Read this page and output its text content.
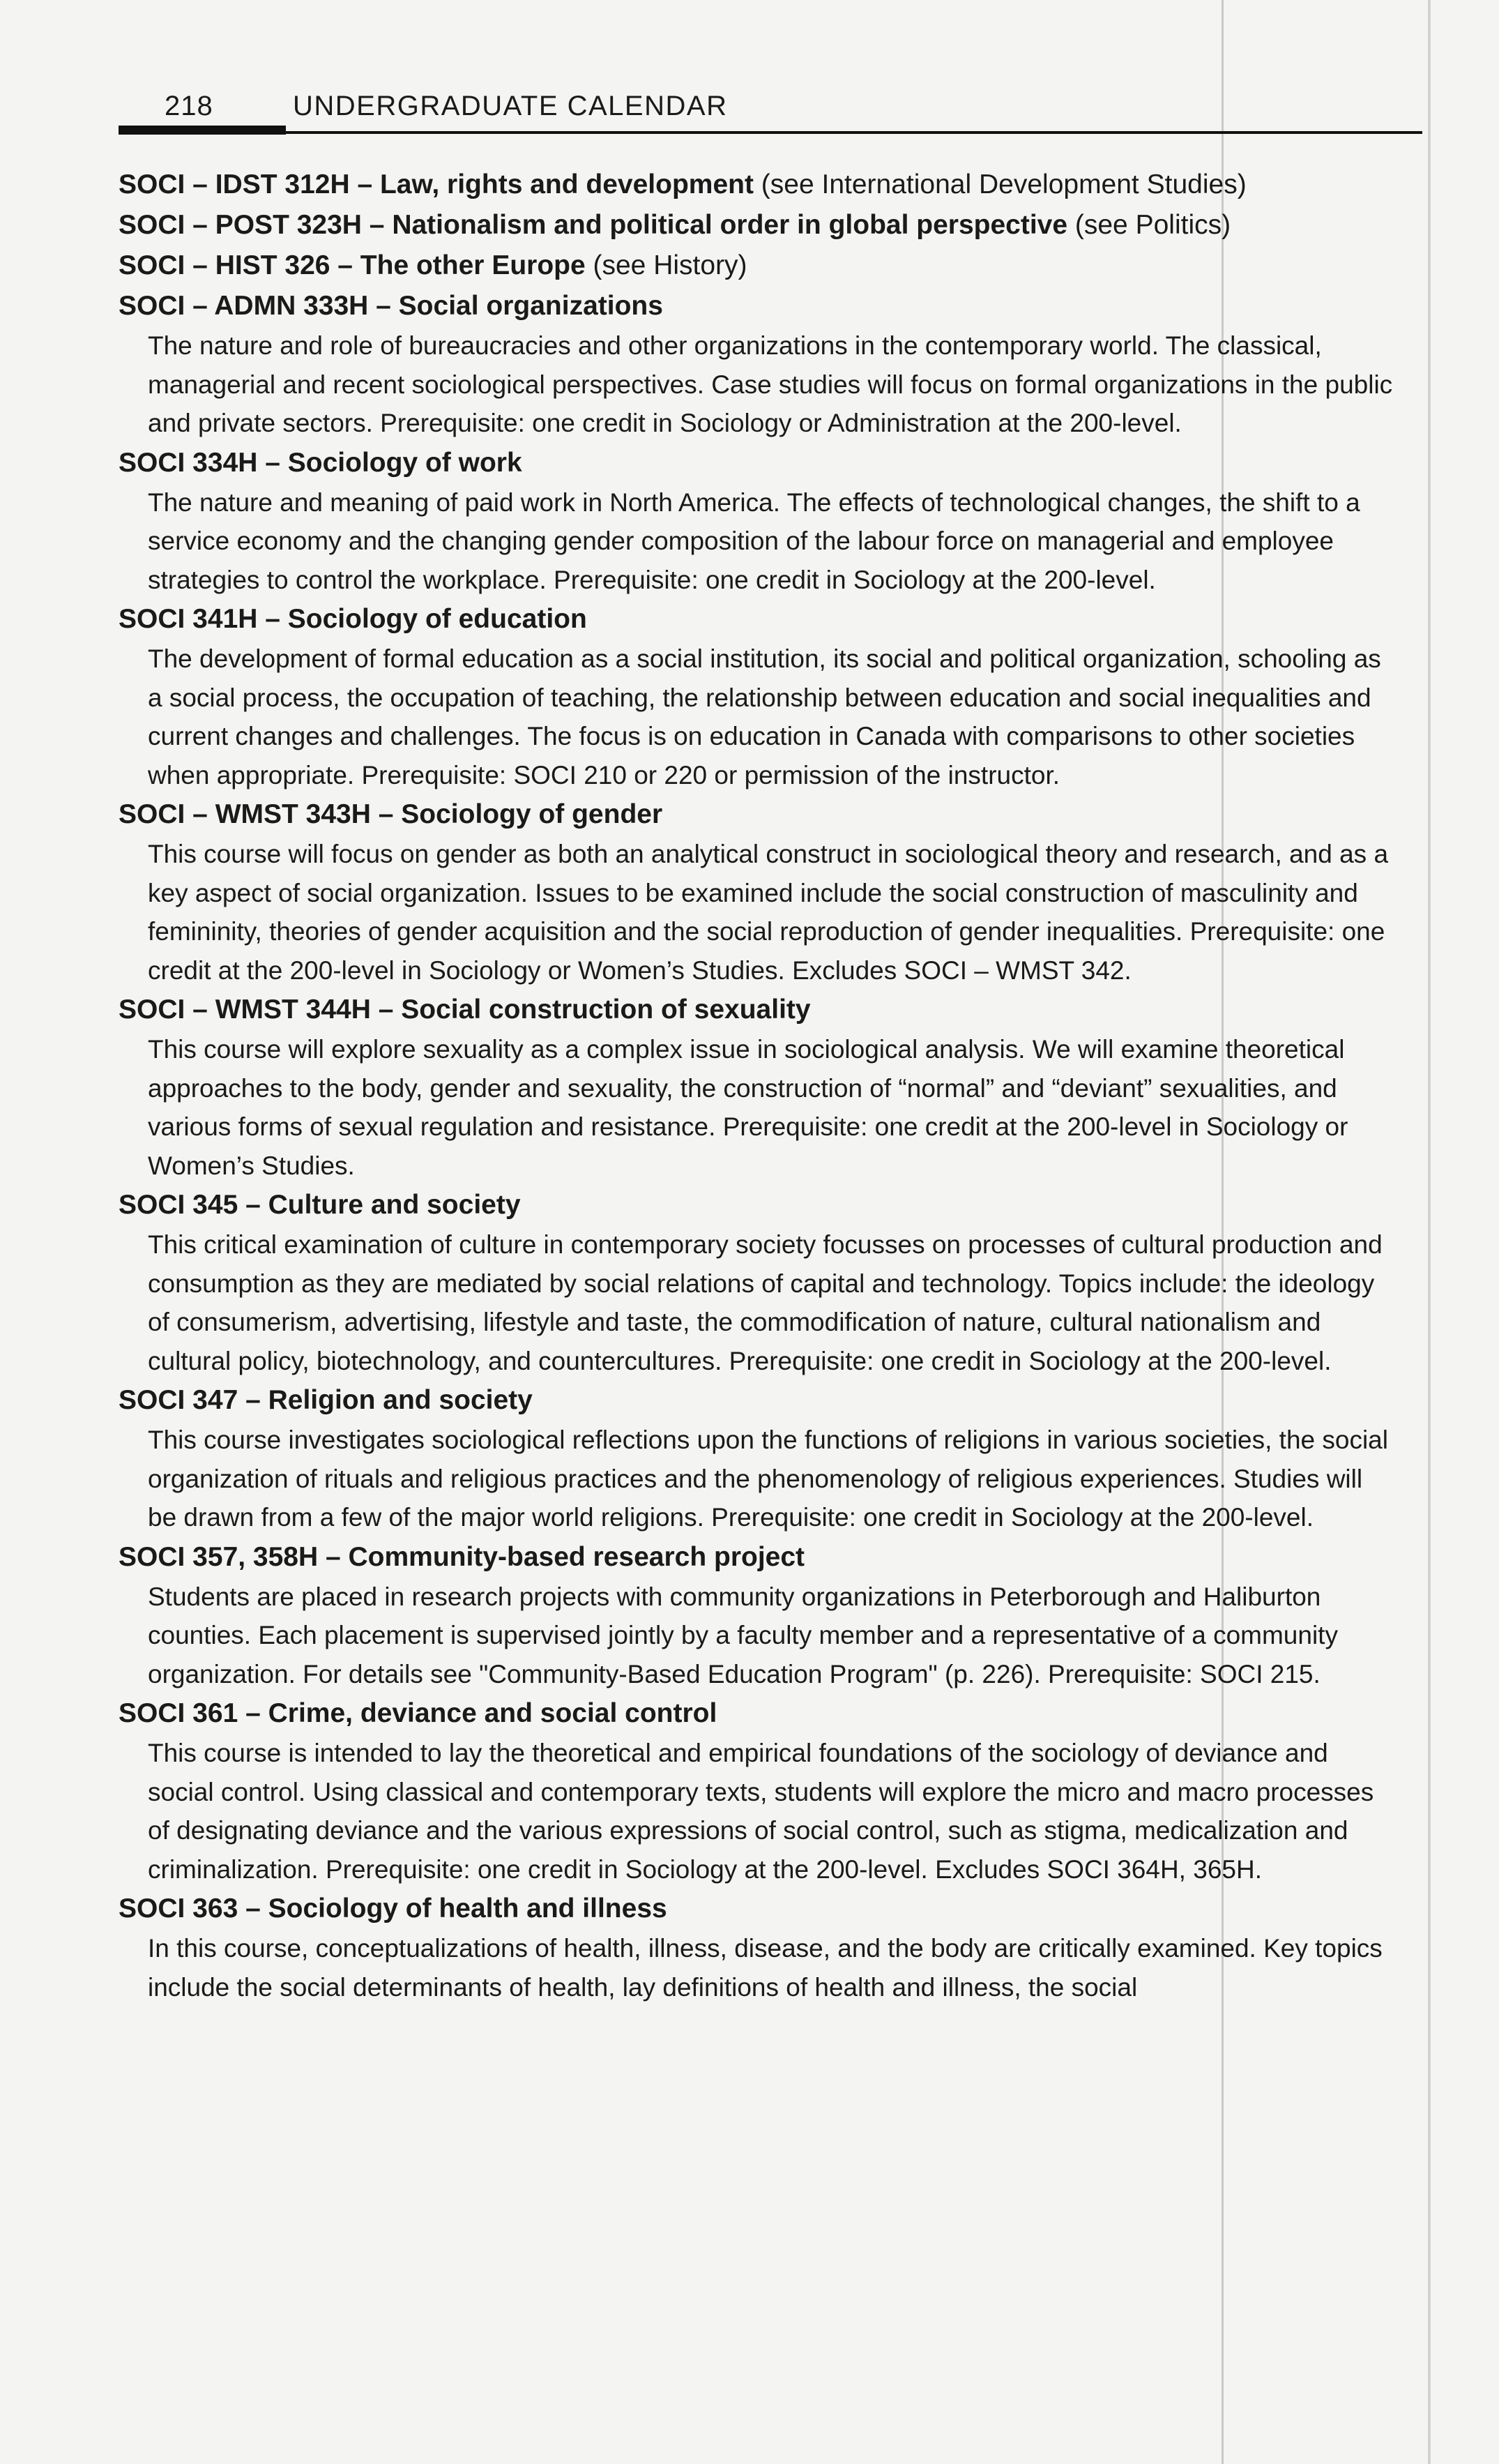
218	UNDERGRADUATE CALENDAR

SOCI – IDST 312H – Law, rights and development (see International Development Studies)

SOCI – POST 323H – Nationalism and political order in global perspective (see Politics)

SOCI – HIST 326 – The other Europe (see History)

SOCI – ADMN 333H – Social organizations

The nature and role of bureaucracies and other organizations in the contemporary world. The classical, managerial and recent sociological perspectives. Case studies will focus on formal organizations in the public and private sectors. Prerequisite: one credit in Sociology or Administration at the 200-level.

SOCI 334H – Sociology of work

The nature and meaning of paid work in North America. The effects of technological changes, the shift to a service economy and the changing gender composition of the labour force on managerial and employee strategies to control the workplace. Prerequisite: one credit in Sociology at the 200-level.

SOCI 341H – Sociology of education

The development of formal education as a social institution, its social and political organization, schooling as a social process, the occupation of teaching, the relationship between education and social inequalities and current changes and challenges. The focus is on education in Canada with comparisons to other societies when appropriate. Prerequisite: SOCI 210 or 220 or permission of the instructor.

SOCI – WMST 343H – Sociology of gender

This course will focus on gender as both an analytical construct in sociological theory and research, and as a key aspect of social organization. Issues to be examined include the social construction of masculinity and femininity, theories of gender acquisition and the social reproduction of gender inequalities. Prerequisite: one credit at the 200-level in Sociology or Women’s Studies. Excludes SOCI – WMST 342.

SOCI – WMST 344H – Social construction of sexuality

This course will explore sexuality as a complex issue in sociological analysis. We will examine theoretical approaches to the body, gender and sexuality, the construction of “normal” and “deviant” sexualities, and various forms of sexual regulation and resistance. Prerequisite: one credit at the 200-level in Sociology or Women’s Studies.

SOCI 345 – Culture and society

This critical examination of culture in contemporary society focusses on processes of cultural production and consumption as they are mediated by social relations of capital and technology. Topics include: the ideology of consumerism, advertising, lifestyle and taste, the commodification of nature, cultural nationalism and cultural policy, biotechnology, and countercultures. Prerequisite: one credit in Sociology at the 200-level.

SOCI 347 – Religion and society

This course investigates sociological reflections upon the functions of religions in various societies, the social organization of rituals and religious practices and the phenomenology of religious experiences. Studies will be drawn from a few of the major world religions. Prerequisite: one credit in Sociology at the 200-level.

SOCI 357, 358H – Community-based research project

Students are placed in research projects with community organizations in Peterborough and Haliburton counties. Each placement is supervised jointly by a faculty member and a representative of a community organization. For details see "Community-Based Education Program" (p. 226). Prerequisite: SOCI 215.

SOCI 361 – Crime, deviance and social control

This course is intended to lay the theoretical and empirical foundations of the sociology of deviance and social control. Using classical and contemporary texts, students will explore the micro and macro processes of designating deviance and the various expressions of social control, such as stigma, medicalization and criminalization. Prerequisite: one credit in Sociology at the 200-level. Excludes SOCI 364H, 365H.

SOCI 363 – Sociology of health and illness

In this course, conceptualizations of health, illness, disease, and the body are critically examined. Key topics include the social determinants of health, lay definitions of health and illness, the social
